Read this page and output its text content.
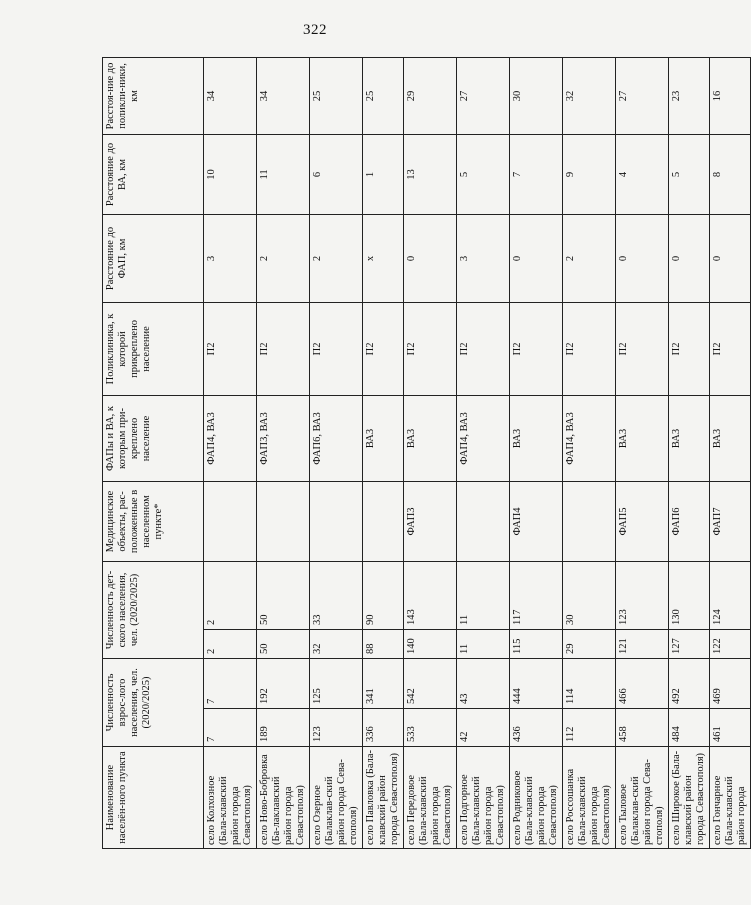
322
Наименование населён-ного пункта	Численность взрос-лого населения, чел. (2020/2025)		Численность дет-ского населения, чел. (2020/2025)		Медицинские объекты, рас-положенные в населенном пункте*	ФАПы и ВА, к которым при-креплено население	Поликлиника, к которой прикреплено население	Расстояние до ФАП, км	Расстояние до ВА, км	Расстоя-ние до поликли-ники, км
село Колхозное (Бала-клавский район города Севастополя)	7	7	2	2		ФАП4, ВА3	П2	3	10	34
село Ново-Бобровка (Ба-лаклавский район города Севастополя)	189	192	50	50		ФАП3, ВА3	П2	2	11	34
село Озерное (Балаклав-ский район города Сева-стополя)	123	125	32	33		ФАП6, ВА3	П2	2	6	25
село Павловка (Бала-клавский район города Севастополя)	336	341	88	90		ВА3	П2	х	1	25
село Передовое (Бала-клавский район города Севастополя)	533	542	140	143	ФАП3	ВА3	П2	0	13	29
село Подгорное (Бала-клавский район города Севастополя)	42	43	11	11		ФАП4, ВА3	П2	3	5	27
село Родниковое (Бала-клавский район города Севастополя)	436	444	115	117	ФАП4	ВА3	П2	0	7	30
село Россошанка (Бала-клавский район города Севастополя)	112	114	29	30		ФАП4, ВА3	П2	2	9	32
село Тыловое (Балаклав-ский район города Сева-стополя)	458	466	121	123	ФАП5	ВА3	П2	0	4	27
село Широкое (Бала-клавский район города Севастополя)	484	492	127	130	ФАП6	ВА3	П2	0	5	23
село Гончарное (Бала-клавский район города	461	469	122	124	ФАП7	ВА3	П2	0	8	16
